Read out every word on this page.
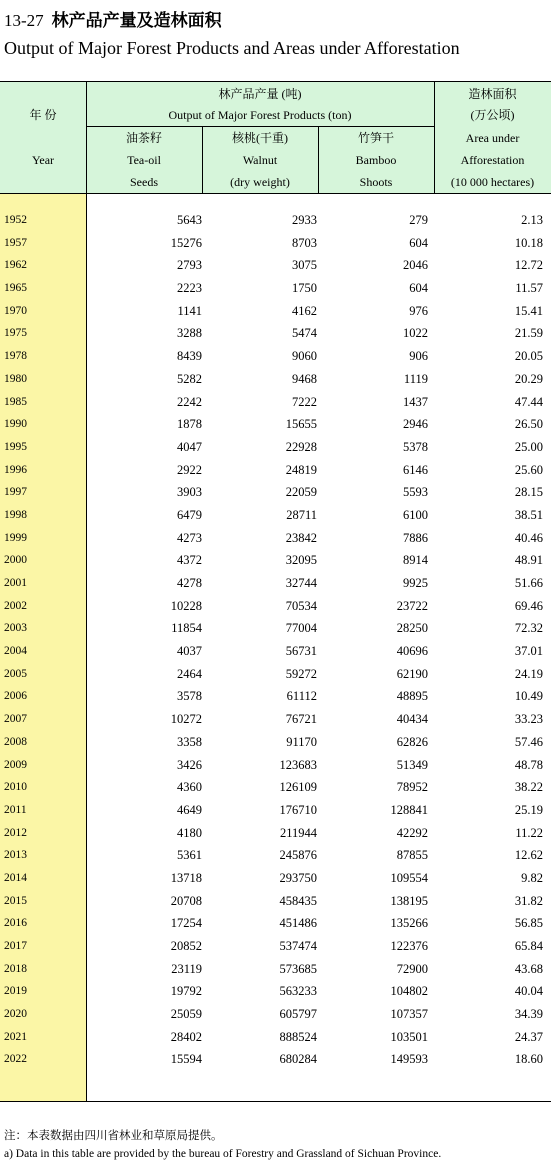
13-27 林产品产量及造林面积
Output of Major Forest Products and Areas under Afforestation
年 份
Year
林产品产量 (吨)
Output of Major Forest Products (ton)
油茶籽
Tea-oil
Seeds
核桃(干重)
Walnut
(dry weight)
竹笋干
Bamboo
Shoots
造林面积
(万公顷)
Area under
Afforestation
(10 000 hectares)
1952	5643	2933	279	2.13
1957	15276	8703	604	10.18
1962	2793	3075	2046	12.72
1965	2223	1750	604	11.57
1970	1141	4162	976	15.41
1975	3288	5474	1022	21.59
1978	8439	9060	906	20.05
1980	5282	9468	1119	20.29
1985	2242	7222	1437	47.44
1990	1878	15655	2946	26.50
1995	4047	22928	5378	25.00
1996	2922	24819	6146	25.60
1997	3903	22059	5593	28.15
1998	6479	28711	6100	38.51
1999	4273	23842	7886	40.46
2000	4372	32095	8914	48.91
2001	4278	32744	9925	51.66
2002	10228	70534	23722	69.46
2003	11854	77004	28250	72.32
2004	4037	56731	40696	37.01
2005	2464	59272	62190	24.19
2006	3578	61112	48895	10.49
2007	10272	76721	40434	33.23
2008	3358	91170	62826	57.46
2009	3426	123683	51349	48.78
2010	4360	126109	78952	38.22
2011	4649	176710	128841	25.19
2012	4180	211944	42292	11.22
2013	5361	245876	87855	12.62
2014	13718	293750	109554	9.82
2015	20708	458435	138195	31.82
2016	17254	451486	135266	56.85
2017	20852	537474	122376	65.84
2018	23119	573685	72900	43.68
2019	19792	563233	104802	40.04
2020	25059	605797	107357	34.39
2021	28402	888524	103501	24.37
2022	15594	680284	149593	18.60
注：本表数据由四川省林业和草原局提供。
a) Data in this table are provided by the bureau of Forestry and Grassland of Sichuan Province.
